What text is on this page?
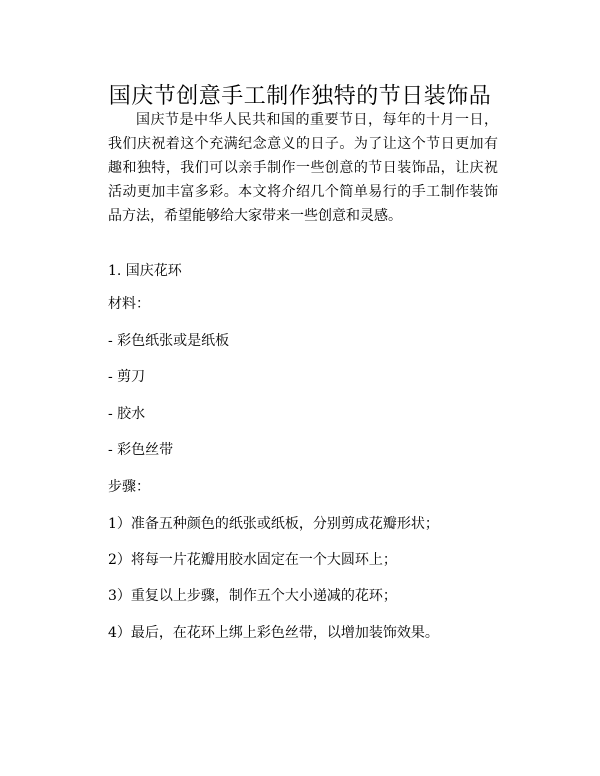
国庆节创意手工制作独特的节日装饰品

国庆节是中华人民共和国的重要节日，每年的十月一日，我们庆祝着这个充满纪念意义的日子。为了让这个节日更加有趣和独特，我们可以亲手制作一些创意的节日装饰品，让庆祝活动更加丰富多彩。本文将介绍几个简单易行的手工制作装饰品方法，希望能够给大家带来一些创意和灵感。

1. 国庆花环
材料：
- 彩色纸张或是纸板
- 剪刀
- 胶水
- 彩色丝带
步骤：
1）准备五种颜色的纸张或纸板，分别剪成花瓣形状；
2）将每一片花瓣用胶水固定在一个大圆环上；
3）重复以上步骤，制作五个大小递减的花环；
4）最后，在花环上绑上彩色丝带，以增加装饰效果。
